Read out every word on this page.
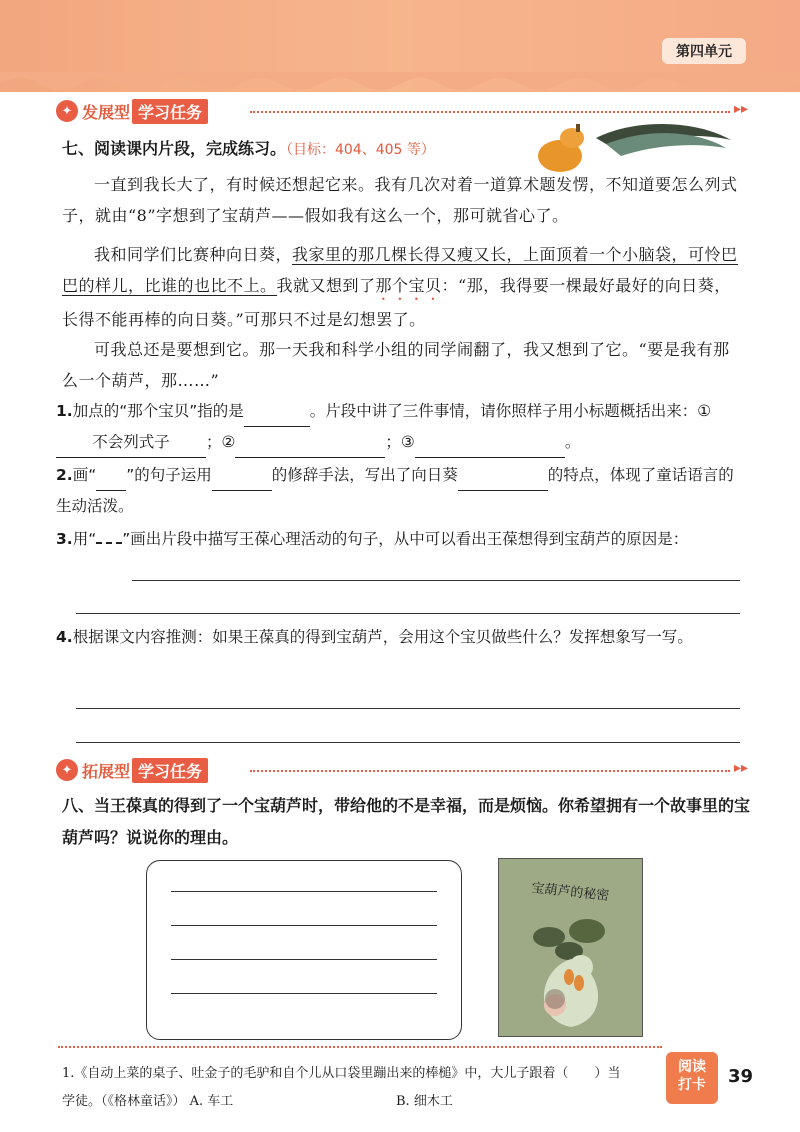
第四单元
✦ 发展型 学习任务	▸▸
七、阅读课内片段，完成练习。（目标：404、405 等）
一直到我长大了，有时候还想起它来。我有几次对着一道算术题发愣，不知道要怎么列式子，就由“8”字想到了宝葫芦——假如我有这么一个，那可就省心了。
我和同学们比赛种向日葵，我家里的那几棵长得又瘦又长，上面顶着一个小脑袋，可怜巴巴的样儿，比谁的也比不上。我就又想到了那个宝贝：“那，我得要一棵最好最好的向日葵，长得不能再棒的向日葵。”可那只不过是幻想罢了。
可我总还是要想到它。那一天我和科学小组的同学闹翻了，我又想到了它。“要是我有那么一个葫芦，那……”
1.加点的“那个宝贝”指的是	。片段中讲了三件事情，请你照样子用小标题概括出来：①不会列式子 ；②	；③	。
2.画“ ”的句子运用	的修辞手法，写出了向日葵	的特点，体现了童话语言的生动活泼。
3.用“ ”画出片段中描写王葆心理活动的句子，从中可以看出王葆想得到宝葫芦的原因是：
4.根据课文内容推测：如果王葆真的得到宝葫芦，会用这个宝贝做些什么？发挥想象写一写。
✦ 拓展型 学习任务	▸▸
八、当王葆真的得到了一个宝葫芦时，带给他的不是幸福，而是烦恼。你希望拥有一个故事里的宝葫芦吗？说说你的理由。
宝葫芦的秘密
1.《自动上菜的桌子、吐金子的毛驴和自个儿从口袋里蹦出来的棒槌》中，大儿子跟着（　　）当
学徒。（《格林童话》） A. 车工	B. 细木工
阅读
打卡	39
